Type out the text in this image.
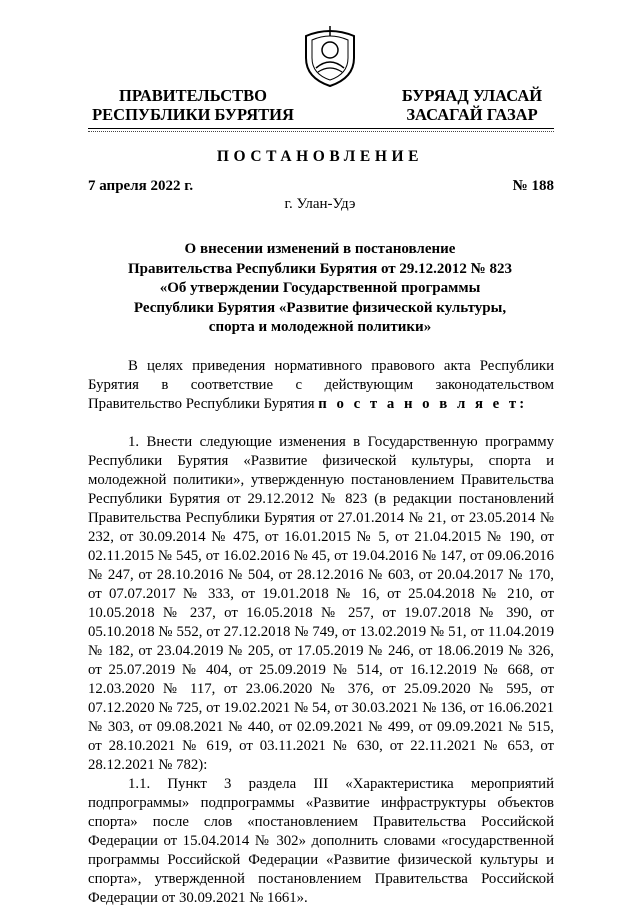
ПРАВИТЕЛЬСТВО
РЕСПУБЛИКИ БУРЯТИЯ
БУРЯАД УЛАСАЙ
ЗАСАГАЙ ГАЗАР
ПОСТАНОВЛЕНИЕ
7 апреля 2022 г.	№ 188
г. Улан-Удэ
О внесении изменений в постановление
Правительства Республики Бурятия от 29.12.2012 № 823
«Об утверждении Государственной программы
Республики Бурятия «Развитие физической культуры,
спорта и молодежной политики»

В целях приведения нормативного правового акта Республики Бурятия в соответствие с действующим законодательством Правительство Республики Бурятия п о с т а н о в л я е т:

1. Внести следующие изменения в Государственную программу Республики Бурятия «Развитие физической культуры, спорта и молодежной политики», утвержденную постановлением Правительства Республики Бурятия от 29.12.2012 № 823 (в редакции постановлений Правительства Республики Бурятия от 27.01.2014 № 21, от 23.05.2014 № 232, от 30.09.2014 № 475, от 16.01.2015 № 5, от 21.04.2015 № 190, от 02.11.2015 № 545, от 16.02.2016 № 45, от 19.04.2016 № 147, от 09.06.2016 № 247, от 28.10.2016 № 504, от 28.12.2016 № 603, от 20.04.2017 № 170, от 07.07.2017 № 333, от 19.01.2018 № 16, от 25.04.2018 № 210, от 10.05.2018 № 237, от 16.05.2018 № 257, от 19.07.2018 № 390, от 05.10.2018 № 552, от 27.12.2018 № 749, от 13.02.2019 № 51, от 11.04.2019 № 182, от 23.04.2019 № 205, от 17.05.2019 № 246, от 18.06.2019 № 326, от 25.07.2019 № 404, от 25.09.2019 № 514, от 16.12.2019 № 668, от 12.03.2020 № 117, от 23.06.2020 № 376, от 25.09.2020 № 595, от 07.12.2020 № 725, от 19.02.2021 № 54, от 30.03.2021 № 136, от 16.06.2021 № 303, от 09.08.2021 № 440, от 02.09.2021 № 499, от 09.09.2021 № 515, от 28.10.2021 № 619, от 03.11.2021 № 630, от 22.11.2021 № 653, от 28.12.2021 № 782):

1.1. Пункт 3 раздела III «Характеристика мероприятий подпрограммы» подпрограммы «Развитие инфраструктуры объектов спорта» после слов «постановлением Правительства Российской Федерации от 15.04.2014 № 302» дополнить словами «государственной программы Российской Федерации «Развитие физической культуры и спорта», утвержденной постановлением Правительства Российской Федерации от 30.09.2021 № 1661».
